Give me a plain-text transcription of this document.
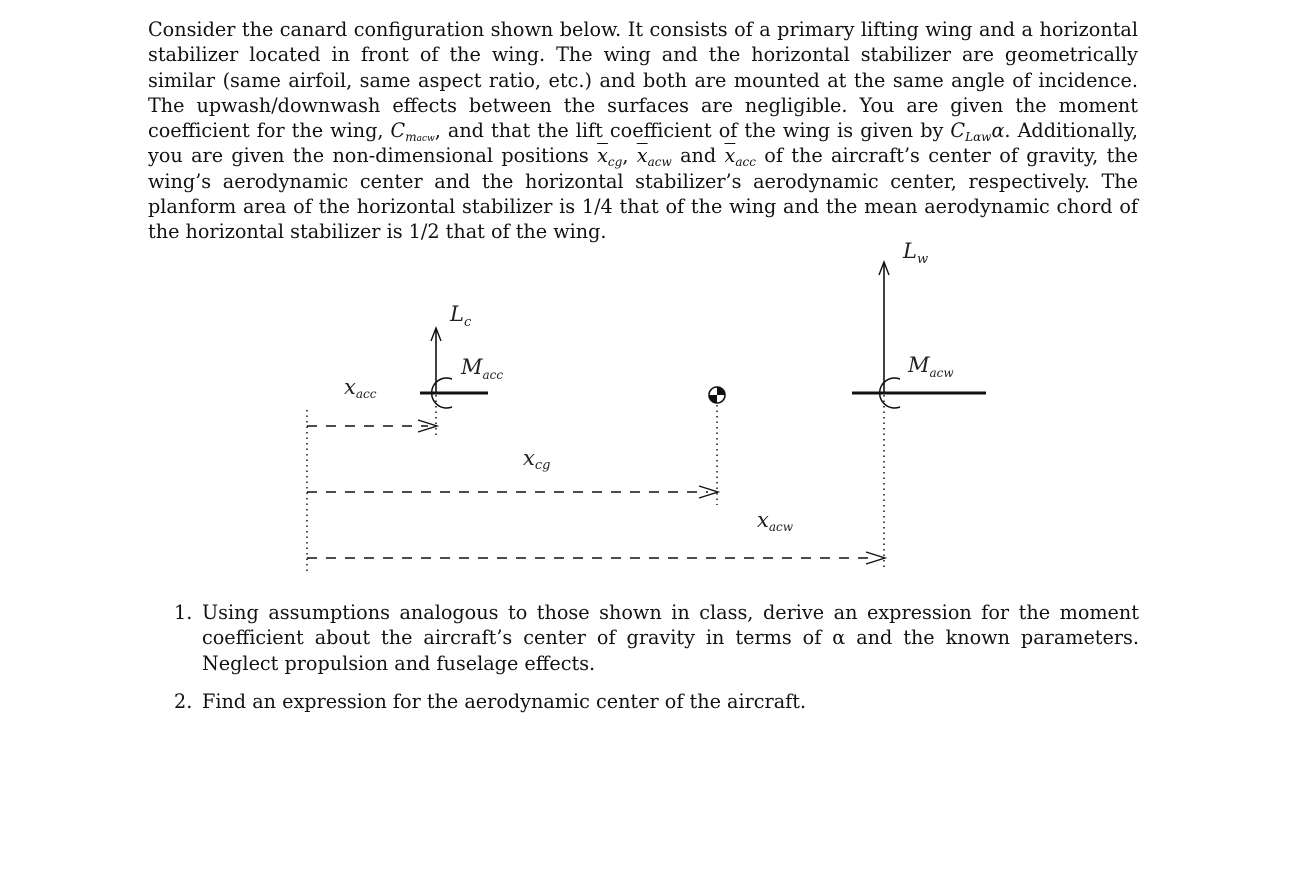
Consider the canard configuration shown below. It consists of a primary lifting wing and a horizontal stabilizer located in front of the wing. The wing and the horizontal stabilizer are geometrically similar (same airfoil, same aspect ratio, etc.) and both are mounted at the same angle of incidence. The upwash/downwash effects between the surfaces are negligible. You are given the moment coefficient for the wing, $C_{macw}$, and that the lift coefficient of the wing is given by $C_{L\alpha w}\alpha$. Additionally, you are given the non-dimensional positions $\overline{x}_{cg}$, $\overline{x}_{acw}$ and $\overline{x}_{acc}$ of the aircraft’s center of gravity, the wing’s aerodynamic center and the horizontal stabilizer’s aerodynamic center, respectively. The planform area of the horizontal stabilizer is 1/4 that of the wing and the mean aerodynamic chord of the horizontal stabilizer is 1/2 that of the wing.

$L_c$
$L_w$
$M_{acc}$	$M_{acw}$
xacc
xcg
xacw
1. Using assumptions analogous to those shown in class, derive an expression for the moment coefficient about the aircraft’s center of gravity in terms of α and the known parameters. Neglect propulsion and fuselage effects.
2. Find an expression for the aerodynamic center of the aircraft.
